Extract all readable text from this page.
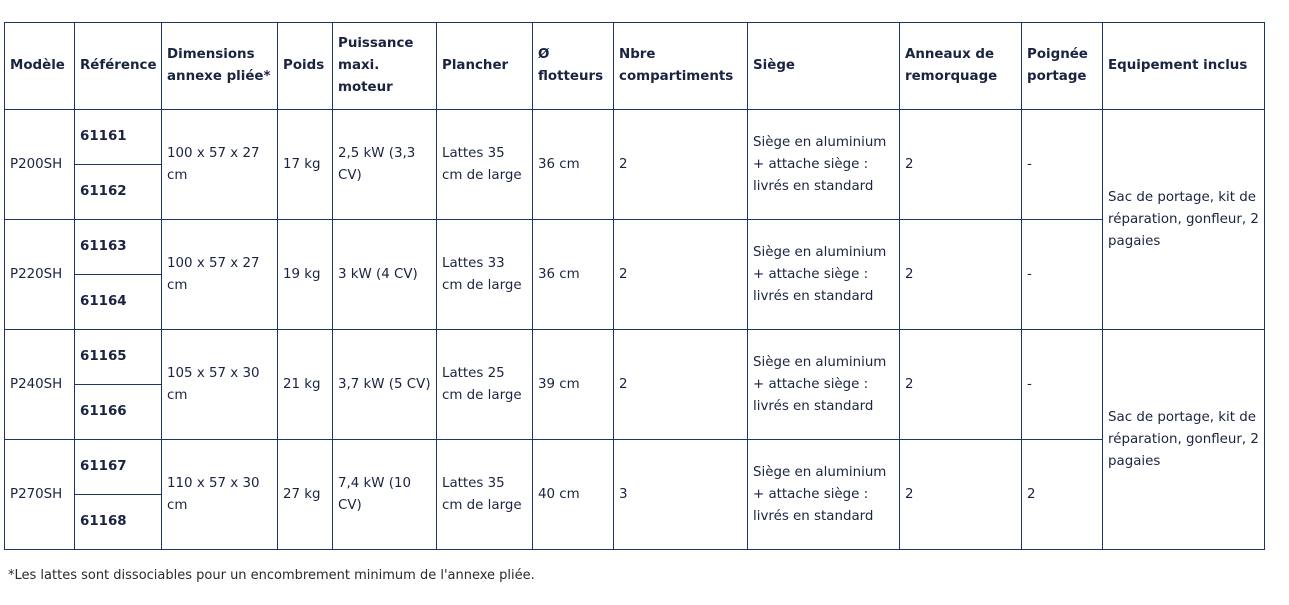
Modèle	Référence	Dimensions annexe pliée*	Poids	Puissance maxi. moteur	Plancher	Ø flotteurs	Nbre compartiments	Siège	Anneaux de remorquage	Poignée portage	Equipement inclus
P200SH	61161	100 x 57 x 27 cm	17 kg	2,5 kW (3,3 CV)	Lattes 35 cm de large	36 cm	2	Siège en aluminium + attache siège : livrés en standard	2	-	Sac de portage, kit de réparation, gonfleur, 2 pagaies
	61162										
P220SH	61163	100 x 57 x 27 cm	19 kg	3 kW (4 CV)	Lattes 33 cm de large	36 cm	2	Siège en aluminium + attache siège : livrés en standard	2	-	
	61164										
P240SH	61165	105 x 57 x 30 cm	21 kg	3,7 kW (5 CV)	Lattes 25 cm de large	39 cm	2	Siège en aluminium + attache siège : livrés en standard	2	-	Sac de portage, kit de réparation, gonfleur, 2 pagaies
	61166										
P270SH	61167	110 x 57 x 30 cm	27 kg	7,4 kW (10 CV)	Lattes 35 cm de large	40 cm	3	Siège en aluminium + attache siège : livrés en standard	2	2	
	61168										
*Les lattes sont dissociables pour un encombrement minimum de l'annexe pliée.
